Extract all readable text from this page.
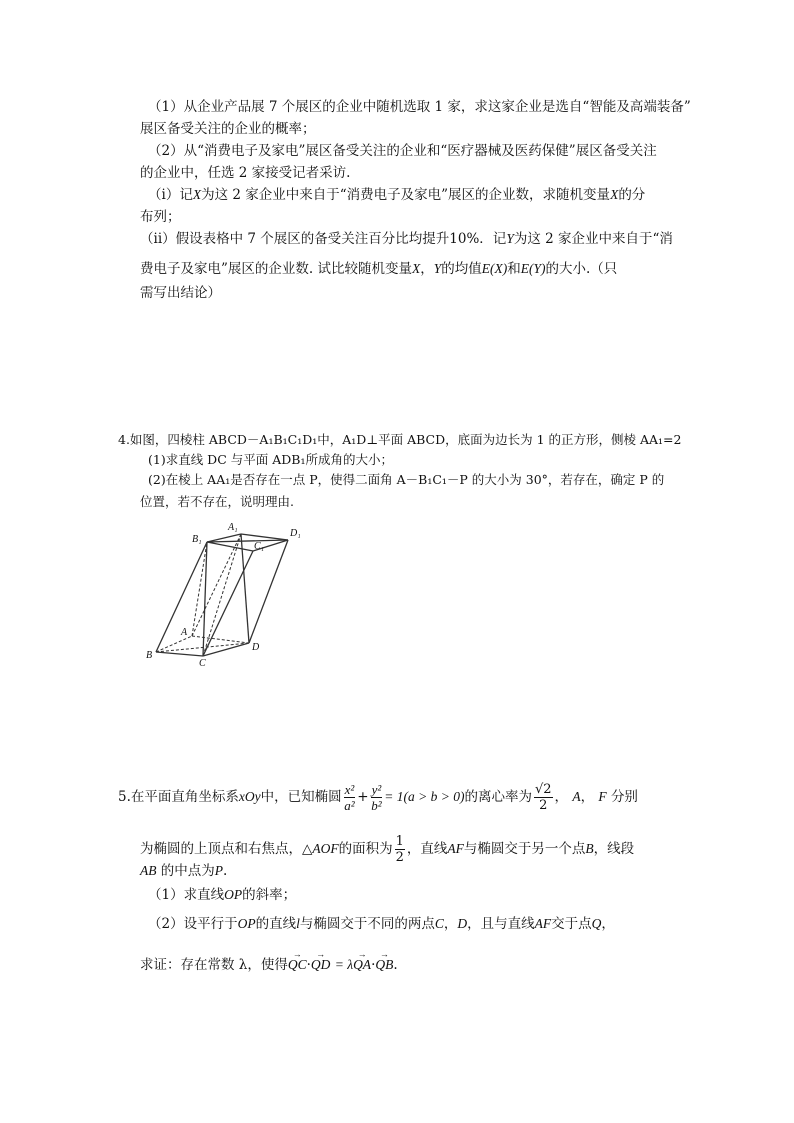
（1）从企业产品展 7 个展区的企业中随机选取 1 家，求这家企业是选自“智能及高端装备”
展区备受关注的企业的概率；
（2）从“消费电子及家电”展区备受关注的企业和“医疗器械及医药保健”展区备受关注
的企业中，任选 2 家接受记者采访.
（i）记X为这 2 家企业中来自于“消费电子及家电”展区的企业数，求随机变量X的分
布列；
（ii）假设表格中 7 个展区的备受关注百分比均提升10%．记Y为这 2 家企业中来自于“消
费电子及家电”展区的企业数. 试比较随机变量X，Y的均值E(X)和E(Y)的大小.（只
需写出结论）
4.如图，四棱柱 ABCD－A₁B₁C₁D₁中，A₁D⊥平面 ABCD，底面为边长为 1 的正方形，侧棱 AA₁=2
(1)求直线 DC 与平面 ADB₁所成角的大小；
(2)在棱上 AA₁是否存在一点 P，使得二面角 A－B₁C₁－P 的大小为 30°，若存在，确定 P 的
位置，若不存在，说明理由.
A₁
B₁
C₁
D₁
A
B
C
D
5.在平面直角坐标系xOy中，已知椭圆 $\frac{\text{x²}}{\text{a²}} + \frac{\text{y²}}{\text{b²}} = 1(a > b > 0)$的离心率为 $\frac{√2}{2}$ ， A， F 分别
为椭圆的上顶点和右焦点，△AOF的面积为 $\frac{1}{2}$ ，直线AF与椭圆交于另一个点B，线段
AB 的中点为P.
（1）求直线OP的斜率；
（2）设平行于OP的直线l与椭圆交于不同的两点C，D，且与直线AF交于点Q，
求证：存在常数 λ，使得→ QC·→ QD = λ→ QA·→ QB.
